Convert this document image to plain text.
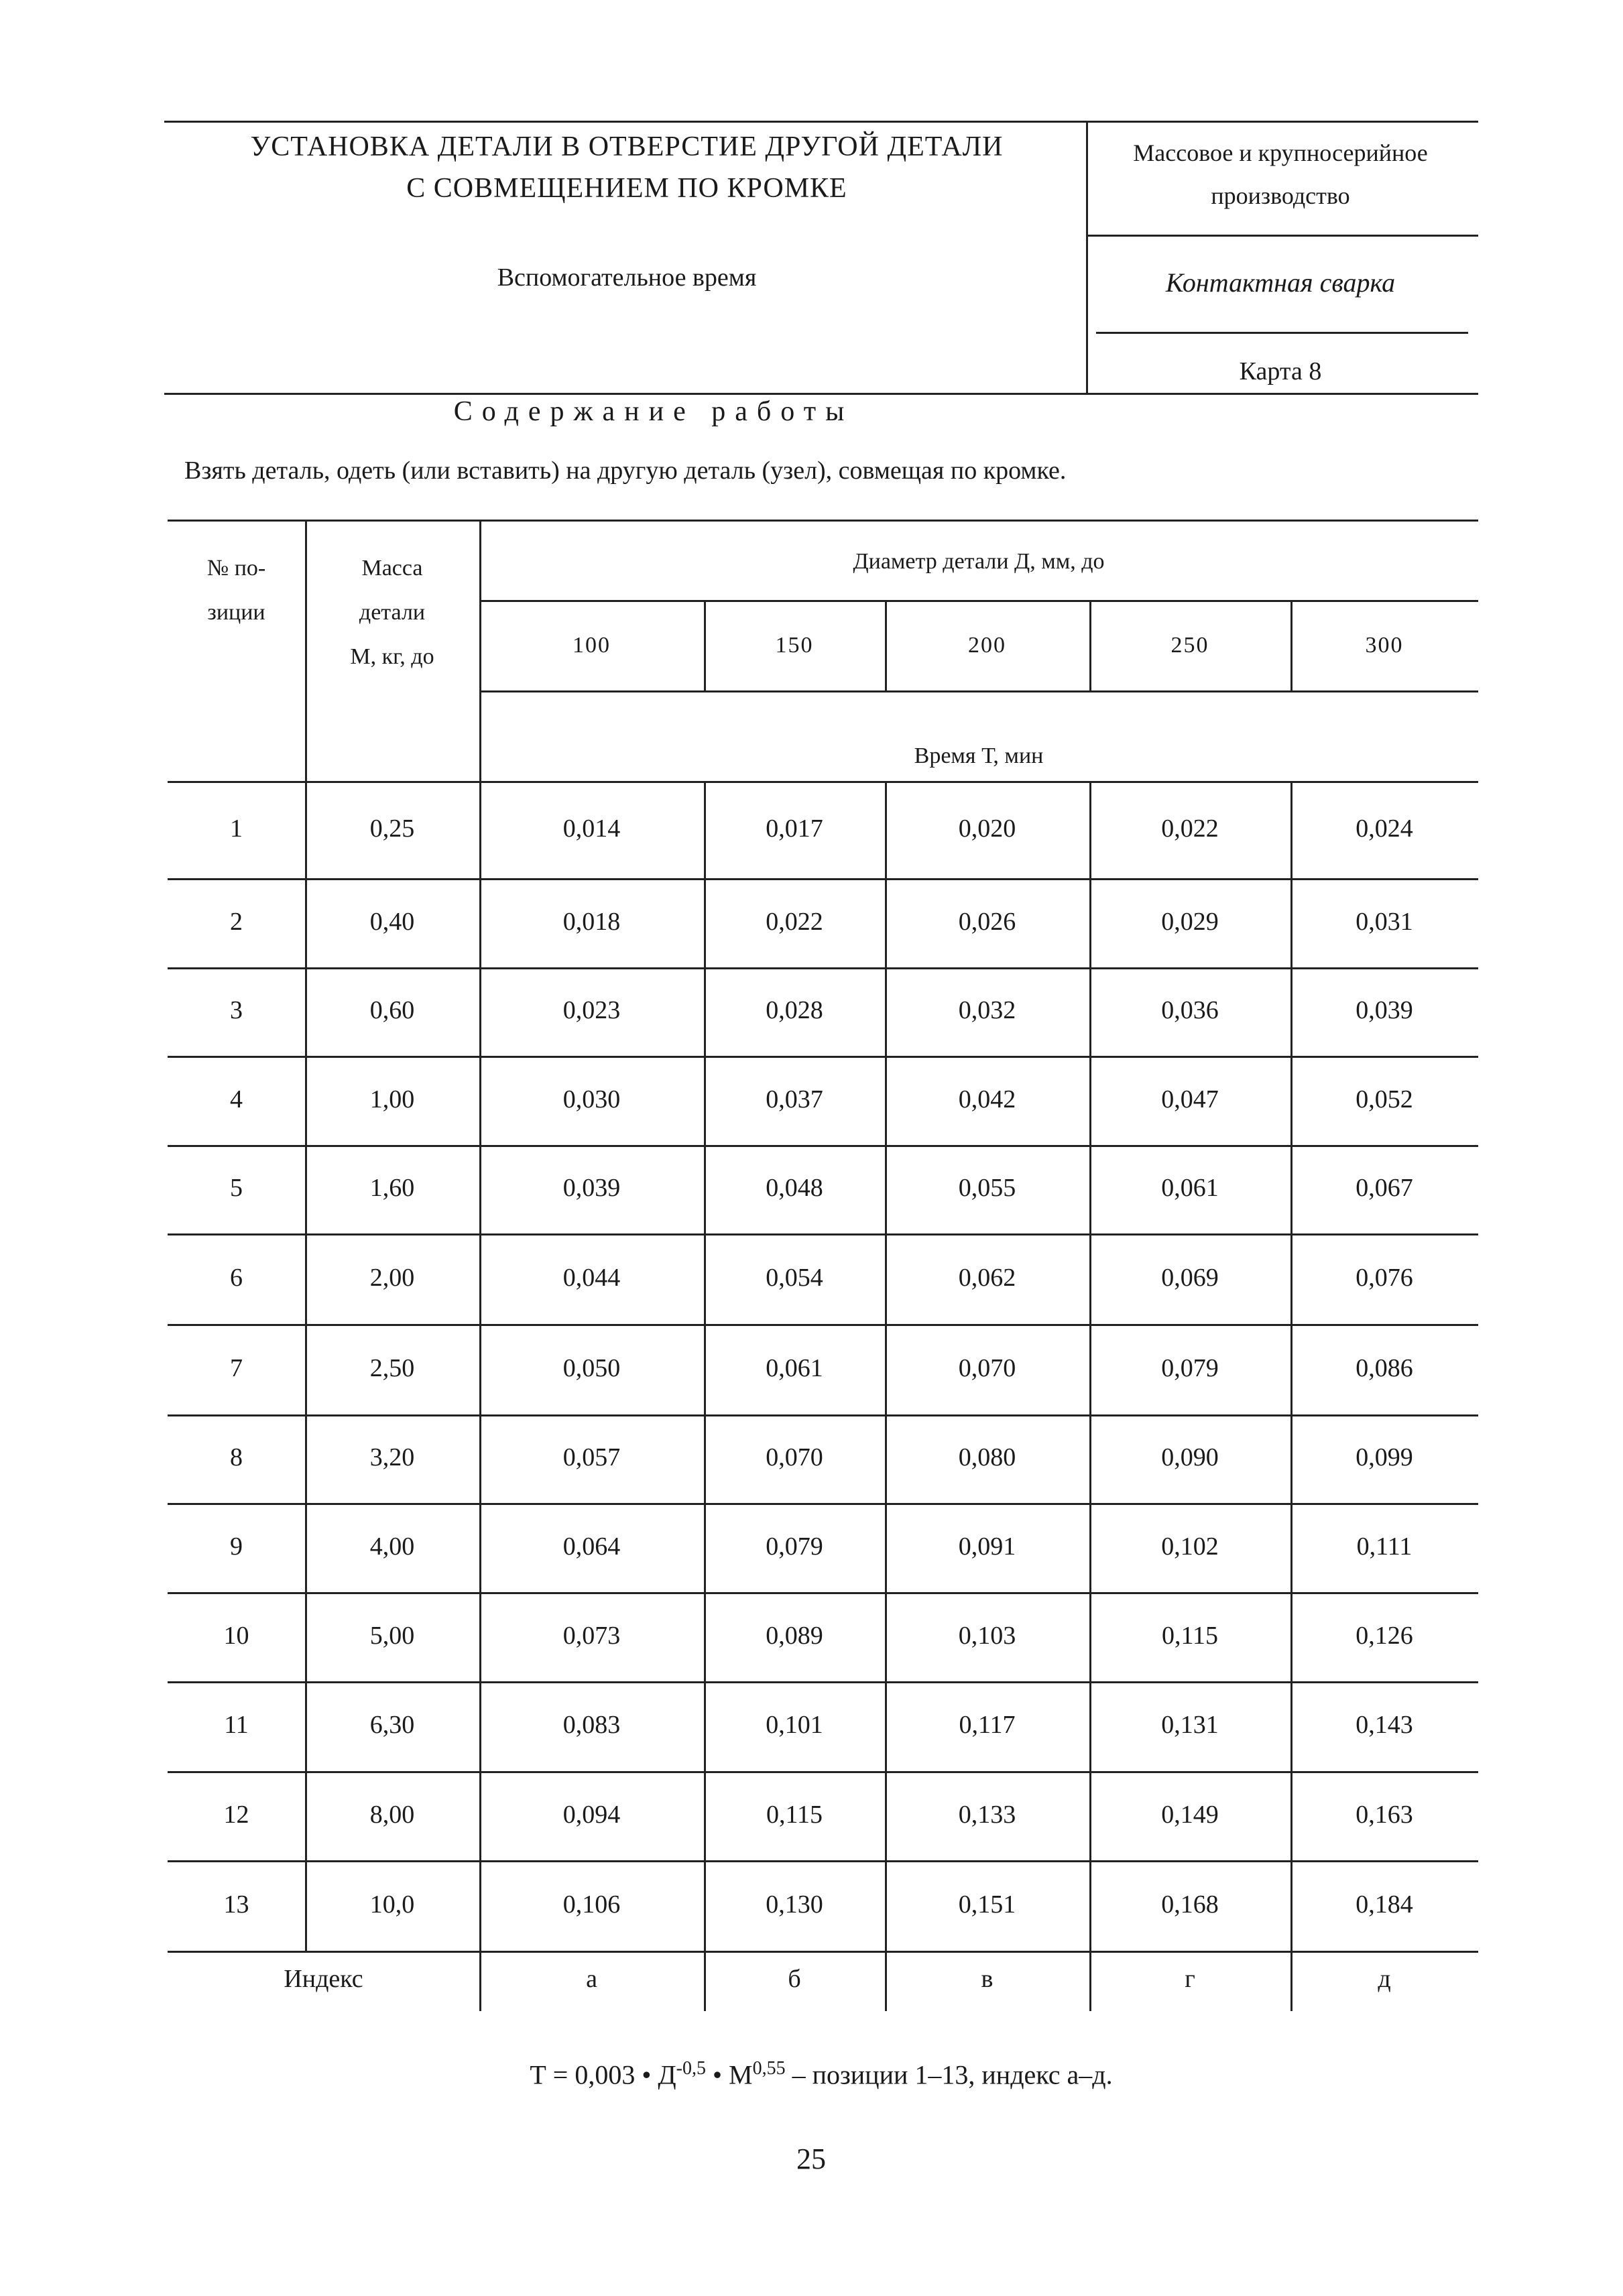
УСТАНОВКА ДЕТАЛИ В ОТВЕРСТИЕ ДРУГОЙ ДЕТАЛИ
С СОВМЕЩЕНИЕМ ПО КРОМКЕ
Вспомогательное время
Массовое и крупносерийное
производство
Контактная сварка
Карта 8
Содержание работы
Взять деталь, одеть (или вставить) на другую деталь (узел), совмещая по кромке.
№ по-
зиции
Масса
детали
М, кг, до
Диаметр детали Д, мм, до
100	150	200	250	300
Время Т, мин
1	0,25	0,014	0,017	0,020	0,022	0,024
2	0,40	0,018	0,022	0,026	0,029	0,031
3	0,60	0,023	0,028	0,032	0,036	0,039
4	1,00	0,030	0,037	0,042	0,047	0,052
5	1,60	0,039	0,048	0,055	0,061	0,067
6	2,00	0,044	0,054	0,062	0,069	0,076
7	2,50	0,050	0,061	0,070	0,079	0,086
8	3,20	0,057	0,070	0,080	0,090	0,099
9	4,00	0,064	0,079	0,091	0,102	0,111
10	5,00	0,073	0,089	0,103	0,115	0,126
11	6,30	0,083	0,101	0,117	0,131	0,143
12	8,00	0,094	0,115	0,133	0,149	0,163
13	10,0	0,106	0,130	0,151	0,168	0,184
Индекс	а	б	в	г	д
Т = 0,003 • $Д^{-0,5}$ • М$^{0,55}$ – позиции 1–13, индекс а–д.
25
